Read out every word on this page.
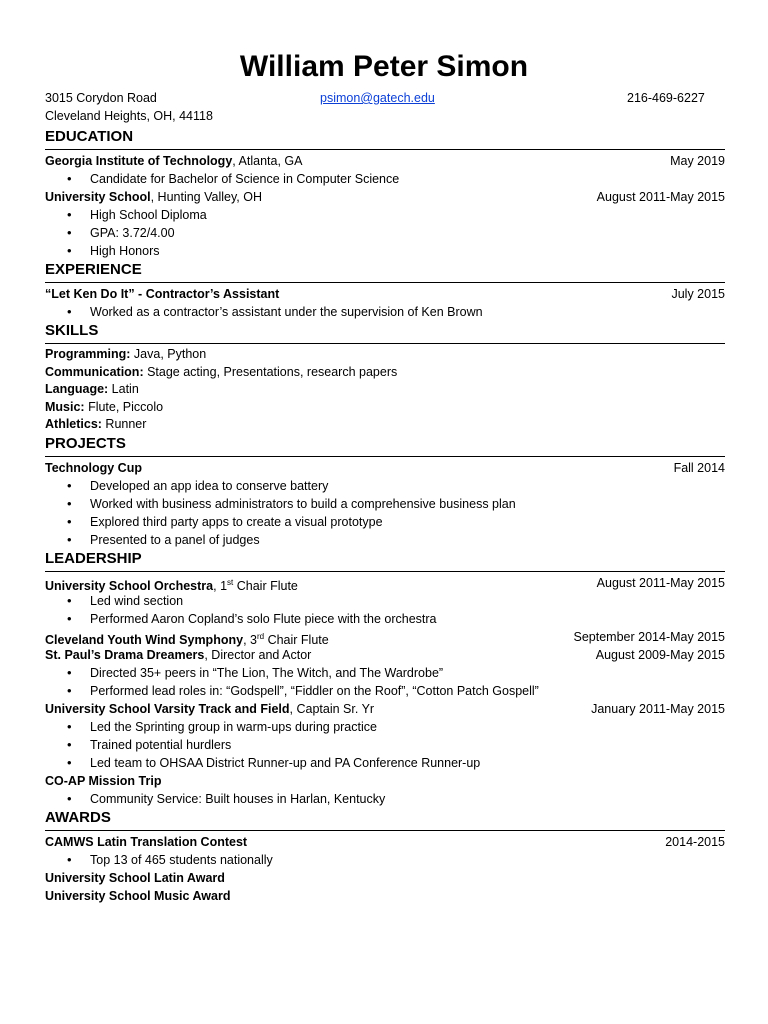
William Peter Simon
3015 Corydon Road	psimon@gatech.edu	216-469-6227
Cleveland Heights, OH, 44118
EDUCATION
Georgia Institute of Technology, Atlanta, GA	May 2019
• Candidate for Bachelor of Science in Computer Science
University School, Hunting Valley, OH	August 2011-May 2015
• High School Diploma
• GPA: 3.72/4.00
• High Honors
EXPERIENCE
“Let Ken Do It” - Contractor’s Assistant	July 2015
• Worked as a contractor’s assistant under the supervision of Ken Brown
SKILLS
Programming: Java, Python
Communication: Stage acting, Presentations, research papers
Language: Latin
Music: Flute, Piccolo
Athletics: Runner
PROJECTS
Technology Cup	Fall 2014
• Developed an app idea to conserve battery
• Worked with business administrators to build a comprehensive business plan
• Explored third party apps to create a visual prototype
• Presented to a panel of judges
LEADERSHIP
University School Orchestra, 1st Chair Flute	August 2011-May 2015
• Led wind section
• Performed Aaron Copland’s solo Flute piece with the orchestra
Cleveland Youth Wind Symphony, 3rd Chair Flute	September 2014-May 2015
St. Paul’s Drama Dreamers, Director and Actor	August 2009-May 2015
• Directed 35+ peers in “The Lion, The Witch, and The Wardrobe”
• Performed lead roles in: “Godspell”, “Fiddler on the Roof”, “Cotton Patch Gospell”
University School Varsity Track and Field, Captain Sr. Yr	January 2011-May 2015
• Led the Sprinting group in warm-ups during practice
• Trained potential hurdlers
• Led team to OHSAA District Runner-up and PA Conference Runner-up
CO-AP Mission Trip
• Community Service: Built houses in Harlan, Kentucky
AWARDS
CAMWS Latin Translation Contest	2014-2015
• Top 13 of 465 students nationally
University School Latin Award
University School Music Award
